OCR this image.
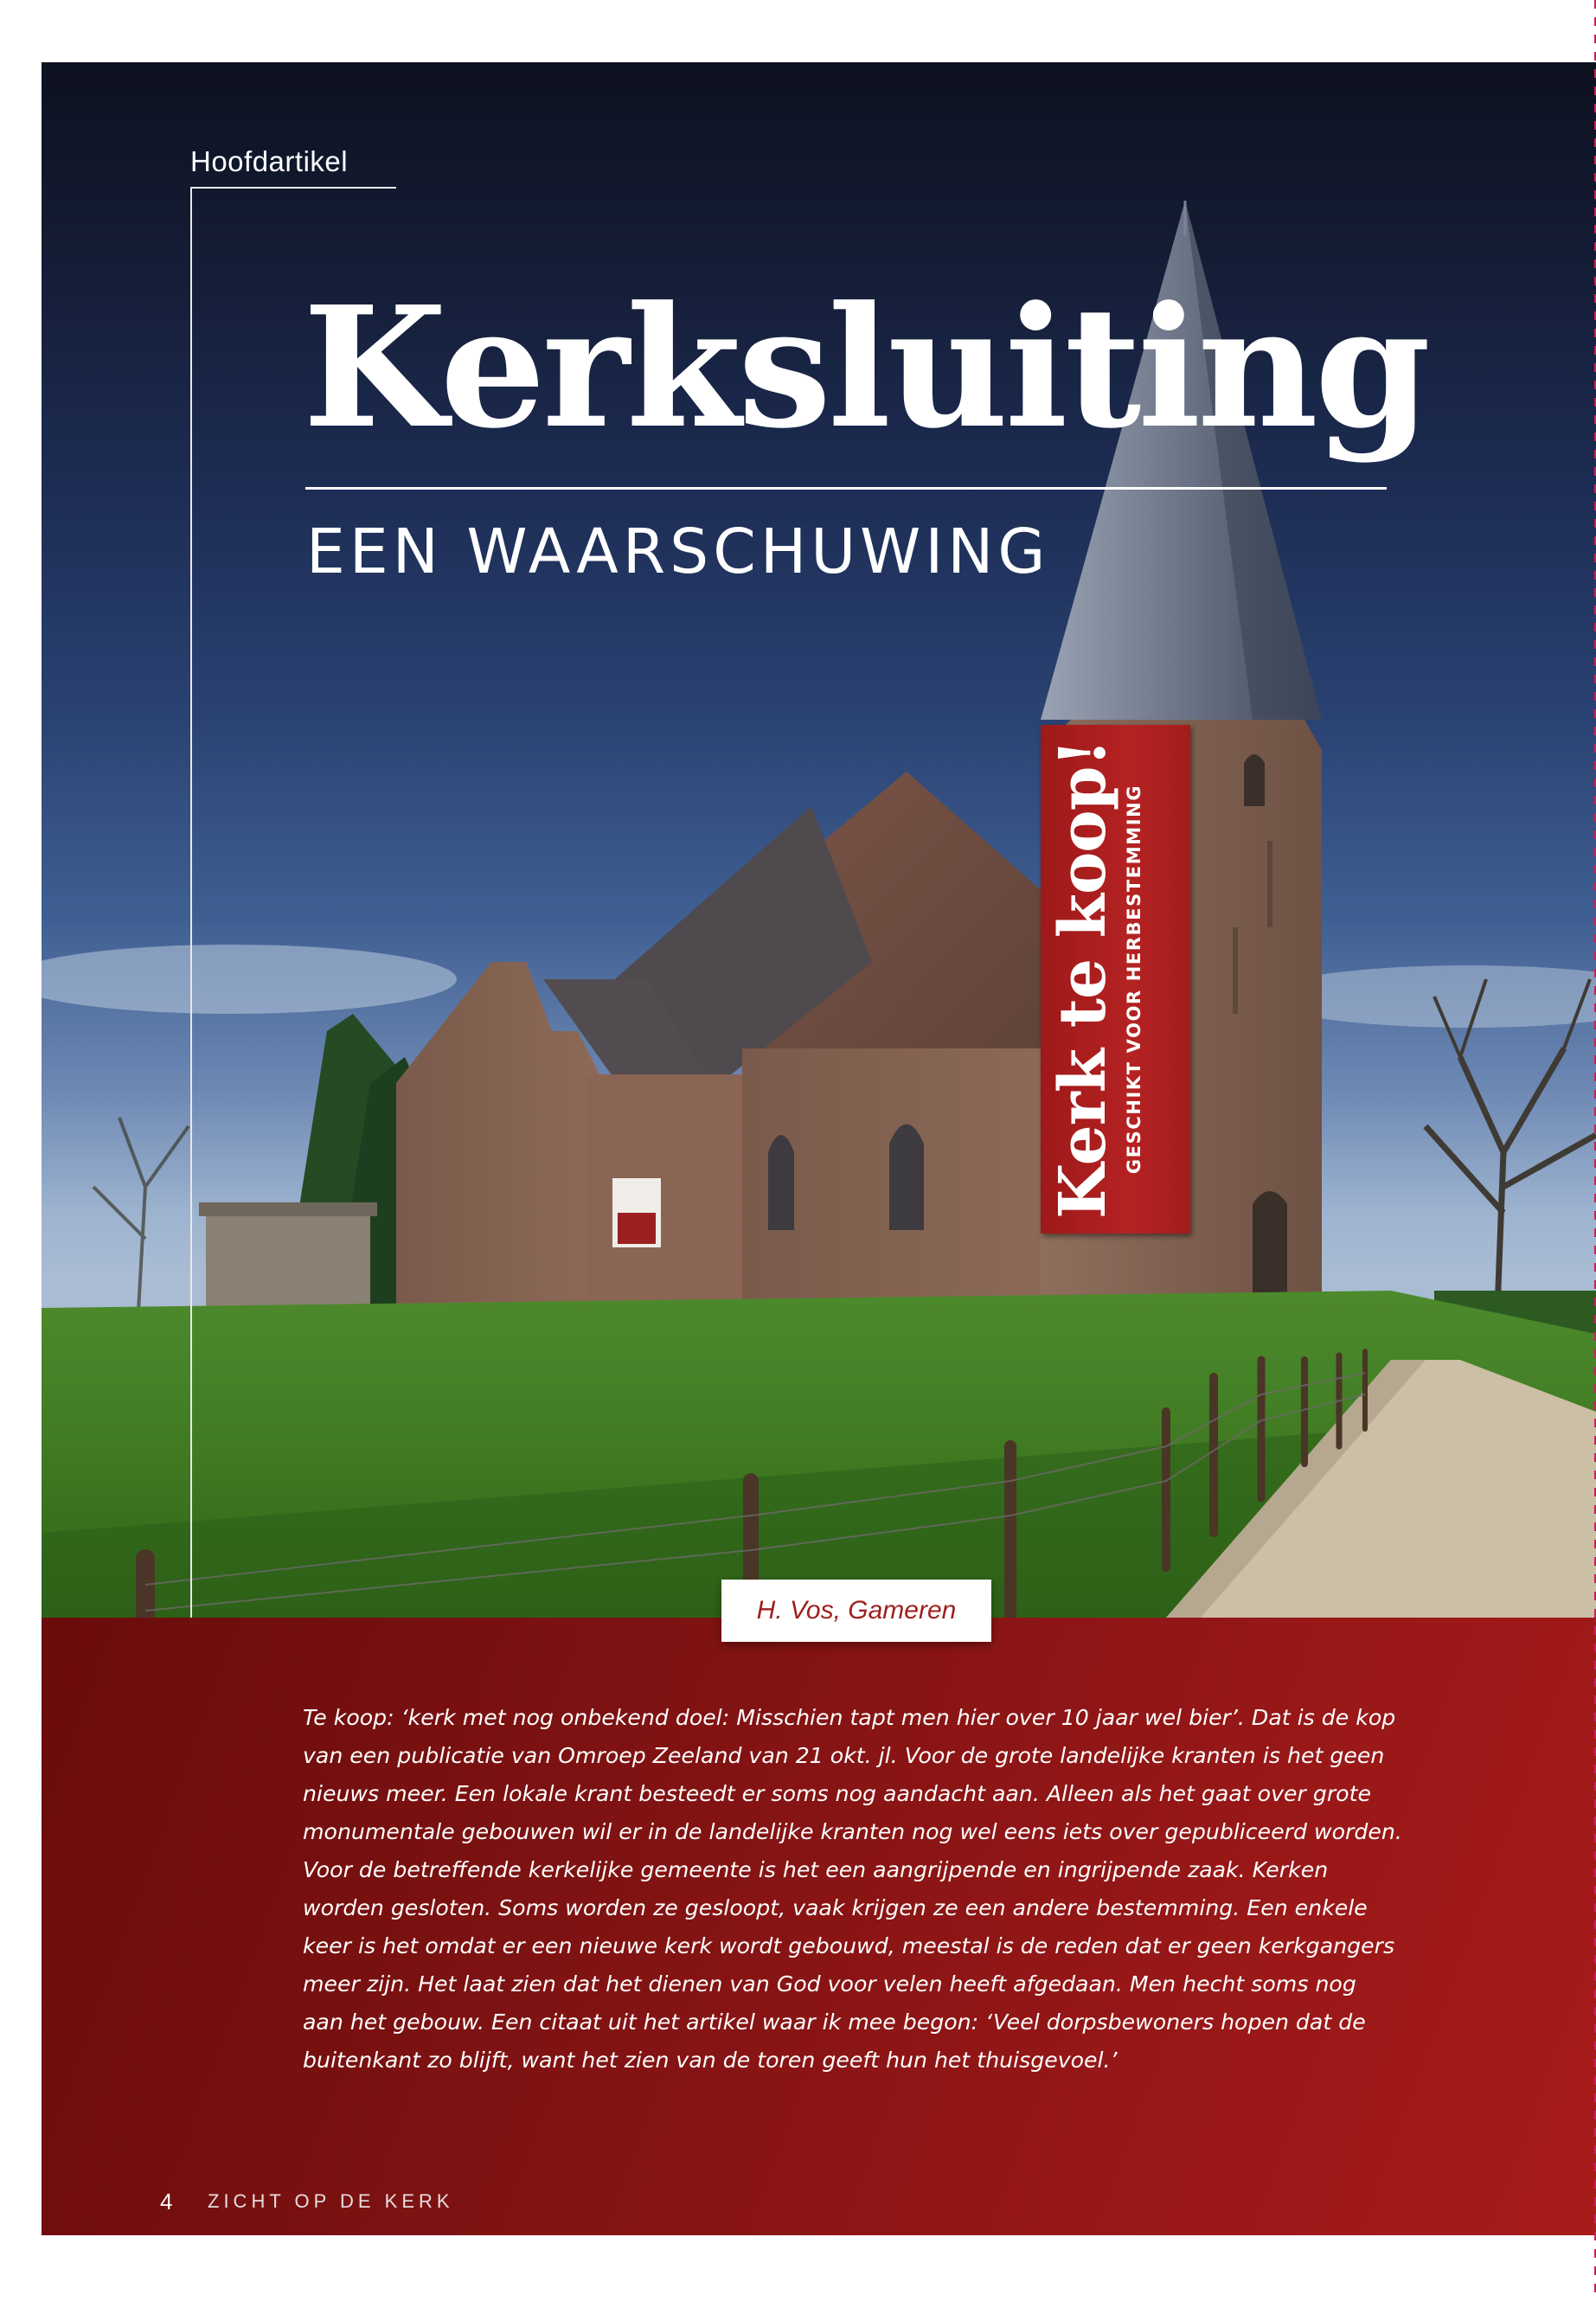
Hoofdartikel
Kerksluiting
EEN WAARSCHUWING
Kerk te koop! GESCHIKT VOOR HERBESTEMMING
H. Vos, Gameren
Te koop: ‘kerk met nog onbekend doel: Misschien tapt men hier over 10 jaar wel bier’. Dat is de kop
van een publicatie van Omroep Zeeland van 21 okt. jl. Voor de grote landelijke kranten is het geen
nieuws meer. Een lokale krant besteedt er soms nog aandacht aan. Alleen als het gaat over grote
monumentale gebouwen wil er in de landelijke kranten nog wel eens iets over gepubliceerd worden.
Voor de betreffende kerkelijke gemeente is het een aangrijpende en ingrijpende zaak. Kerken
worden gesloten. Soms worden ze gesloopt, vaak krijgen ze een andere bestemming. Een enkele
keer is het omdat er een nieuwe kerk wordt gebouwd, meestal is de reden dat er geen kerkgangers
meer zijn. Het laat zien dat het dienen van God voor velen heeft afgedaan. Men hecht soms nog
aan het gebouw. Een citaat uit het artikel waar ik mee begon: ‘Veel dorpsbewoners hopen dat de
buitenkant zo blijft, want het zien van de toren geeft hun het thuisgevoel.’
4 ZICHT OP DE KERK
